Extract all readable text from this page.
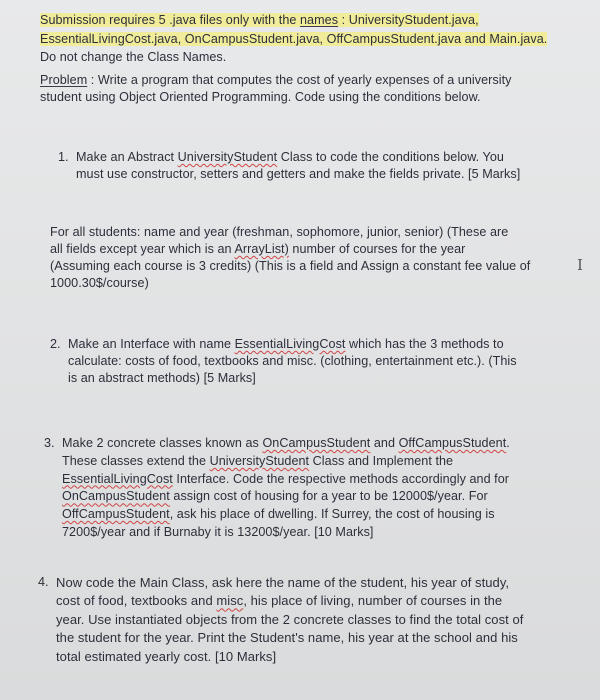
Submission requires 5 .java files only with the names : UniversityStudent.java,

EssentialLivingCost.java, OnCampusStudent.java, OffCampusStudent.java and Main.java.

Do not change the Class Names.

Problem : Write a program that computes the cost of yearly expenses of a university

student using Object Oriented Programming. Code using the conditions below.

1. Make an Abstract UniversityStudent Class to code the conditions below. You

must use constructor, setters and getters and make the fields private. [5 Marks]

For all students: name and year (freshman, sophomore, junior, senior) (These are

all fields except year which is an ArrayList) number of courses for the year

(Assuming each course is 3 credits) (This is a field and Assign a constant fee value of

1000.30$/course)

I
2. Make an Interface with name EssentialLivingCost which has the 3 methods to

calculate: costs of food, textbooks and misc. (clothing, entertainment etc.). (This

is an abstract methods) [5 Marks]

3. Make 2 concrete classes known as OnCampusStudent and OffCampusStudent.

These classes extend the UniversityStudent Class and Implement the

EssentialLivingCost Interface. Code the respective methods accordingly and for

OnCampusStudent assign cost of housing for a year to be 12000$/year. For

OffCampusStudent, ask his place of dwelling. If Surrey, the cost of housing is

7200$/year and if Burnaby it is 13200$/year. [10 Marks]

4. Now code the Main Class, ask here the name of the student, his year of study,

cost of food, textbooks and misc, his place of living, number of courses in the

year. Use instantiated objects from the 2 concrete classes to find the total cost of

the student for the year. Print the Student's name, his year at the school and his

total estimated yearly cost. [10 Marks]
